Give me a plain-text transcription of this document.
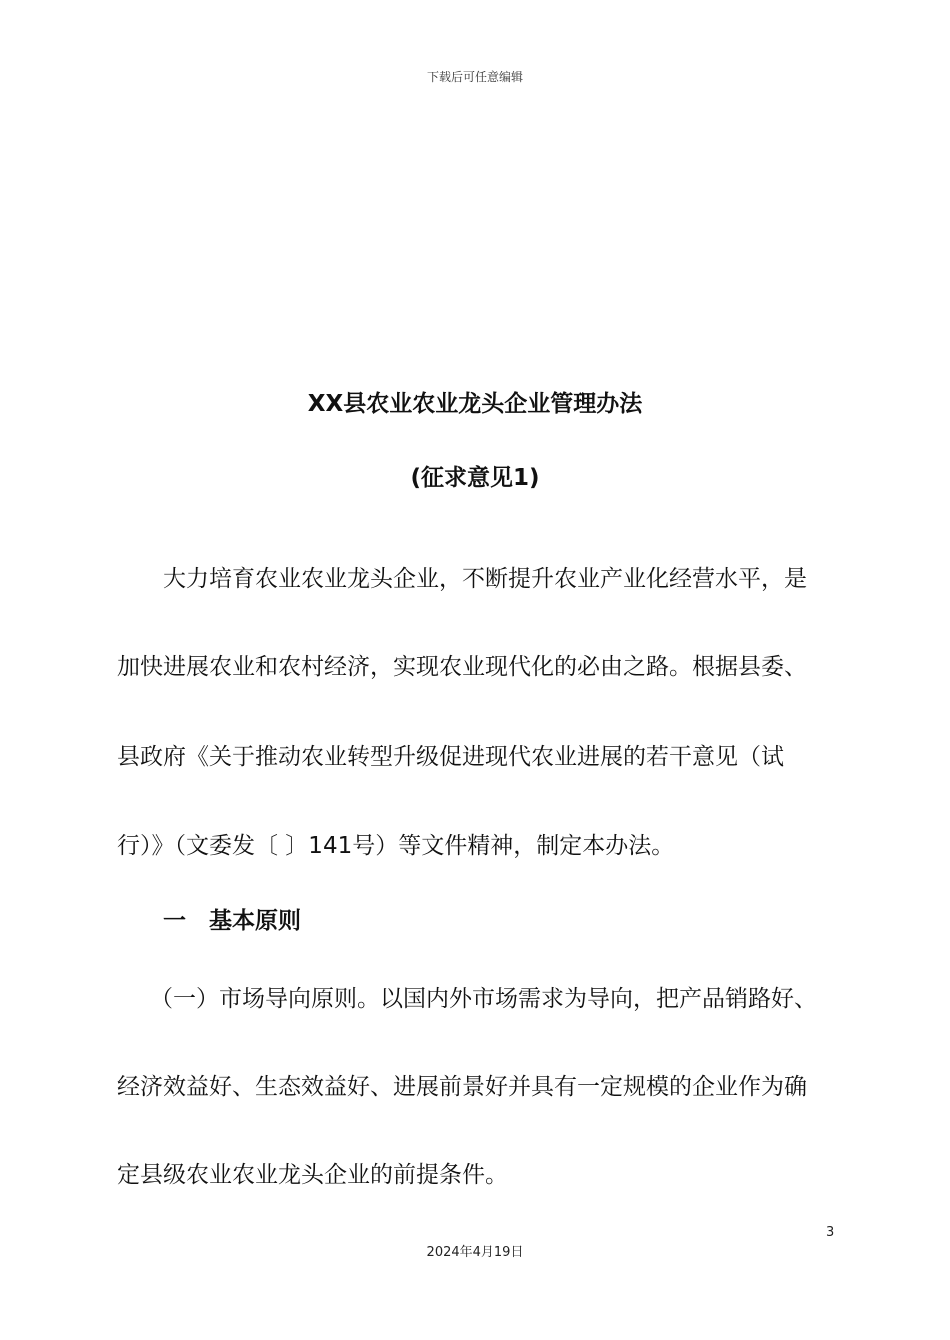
下载后可任意编辑
XX县农业农业龙头企业管理办法
(征求意见1)
大力培育农业农业龙头企业，不断提升农业产业化经营水平，是
加快进展农业和农村经济，实现农业现代化的必由之路。根据县委、
县政府《关于推动农业转型升级促进现代农业进展的若干意见（试
行）》（文委发〔 〕141号）等文件精神，制定本办法。
一　基本原则
（一）市场导向原则。以国内外市场需求为导向，把产品销路好、
经济效益好、生态效益好、进展前景好并具有一定规模的企业作为确
定县级农业农业龙头企业的前提条件。
3
2024年4月19日
